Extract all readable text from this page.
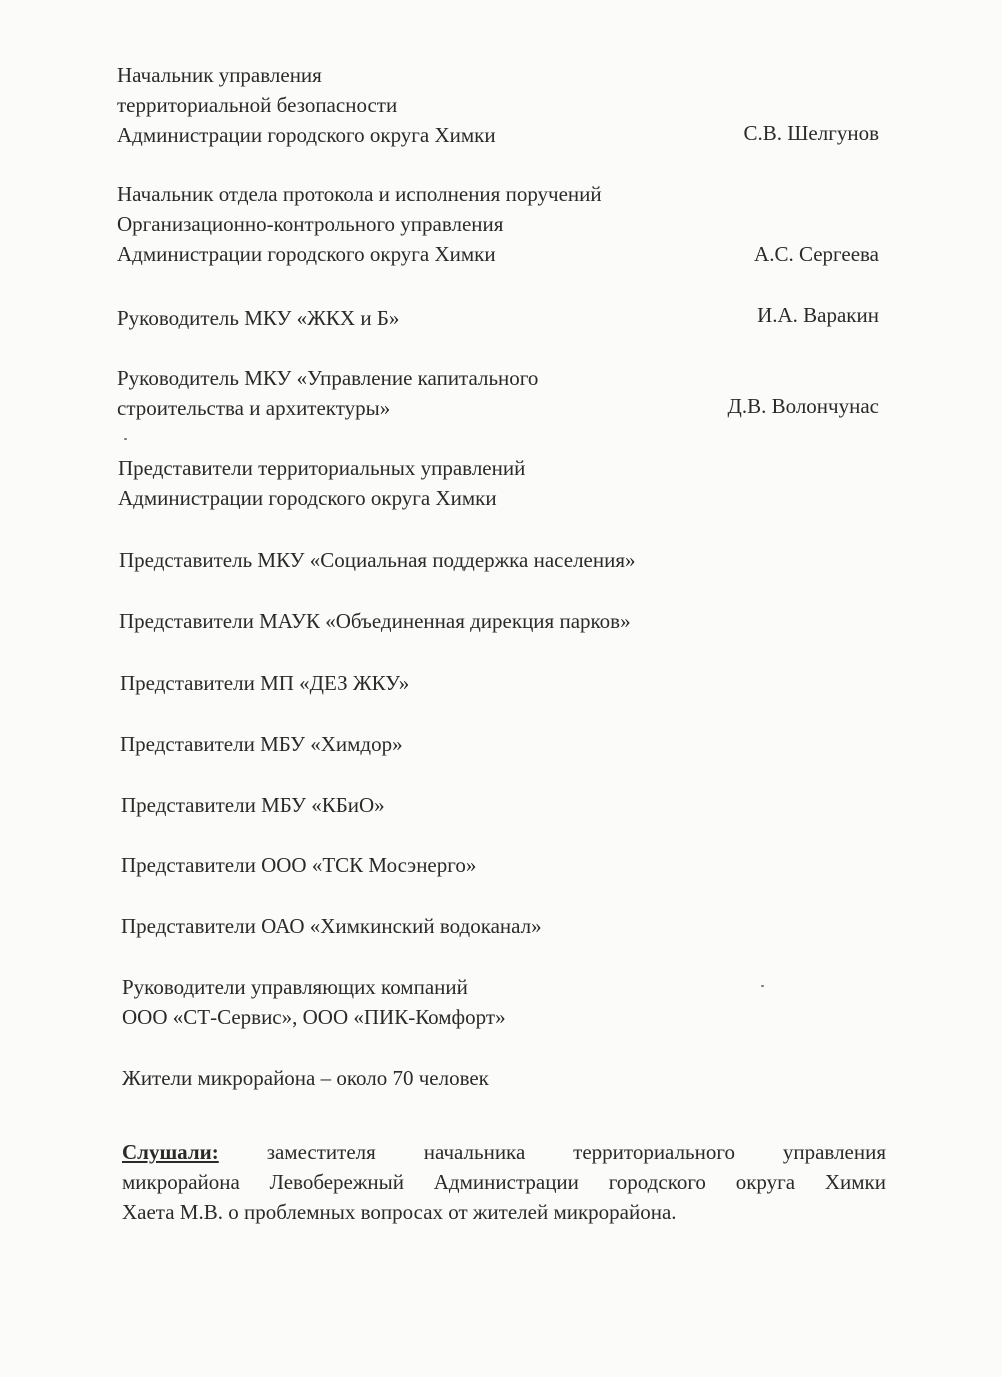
Начальник управления
территориальной безопасности
Администрации городского округа Химки	С.В. Шелгунов
Начальник отдела протокола и исполнения поручений
Организационно-контрольного управления
Администрации городского округа Химки	А.С. Сергеева
Руководитель МКУ «ЖКХ и Б»	И.А. Варакин
Руководитель МКУ «Управление капитального
строительства и архитектуры»	Д.В. Волончунас
Представители территориальных управлений
Администрации городского округа Химки
Представитель МКУ «Социальная поддержка населения»
Представители МАУК «Объединенная дирекция парков»
Представители МП «ДЕЗ ЖКУ»
Представители МБУ «Химдор»
Представители МБУ «КБиО»
Представители ООО «ТСК Мосэнерго»
Представители ОАО «Химкинский водоканал»
Руководители управляющих компаний
ООО «СТ-Сервис», ООО «ПИК-Комфорт»
Жители микрорайона – около 70 человек
Слушали: заместителя начальника территориального управления
микрорайона Левобережный Администрации городского округа Химки
Хаета М.В. о проблемных вопросах от жителей микрорайона.
